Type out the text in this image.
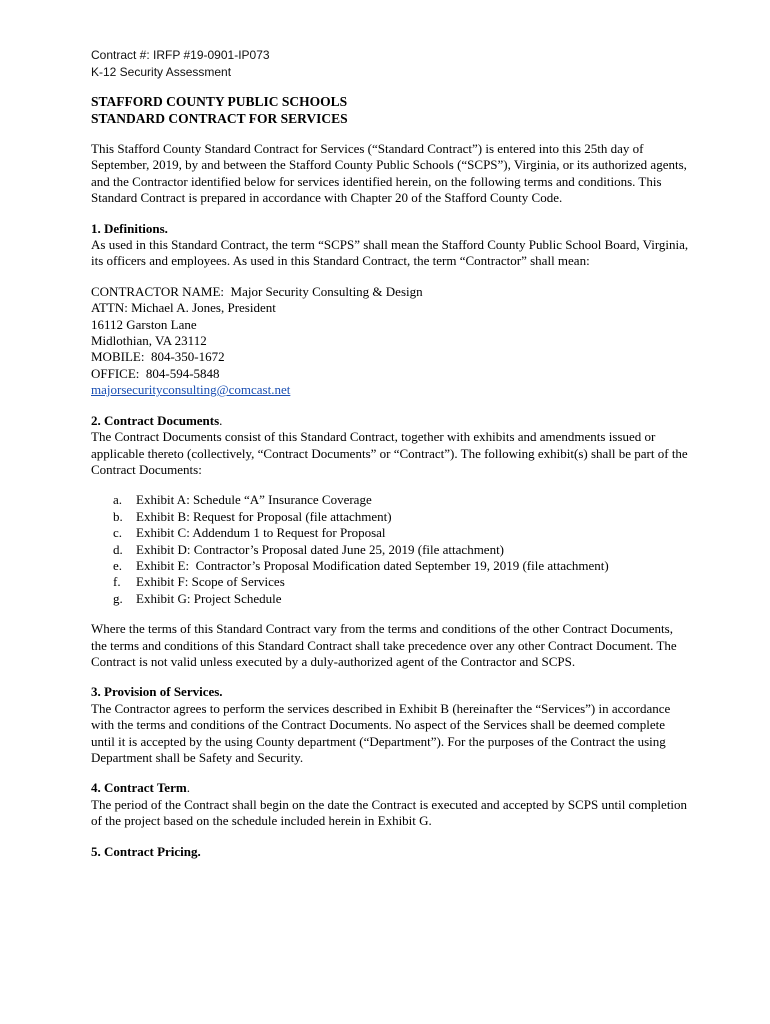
Contract #: IRFP #19-0901-IP073
K-12 Security Assessment
STAFFORD COUNTY PUBLIC SCHOOLS
STANDARD CONTRACT FOR SERVICES

This Stafford County Standard Contract for Services (“Standard Contract”) is entered into this 25th day of September, 2019, by and between the Stafford County Public Schools (“SCPS”), Virginia, or its authorized agents, and the Contractor identified below for services identified herein, on the following terms and conditions. This Standard Contract is prepared in accordance with Chapter 20 of the Stafford County Code.

1. Definitions.

As used in this Standard Contract, the term “SCPS” shall mean the Stafford County Public School Board, Virginia, its officers and employees. As used in this Standard Contract, the term “Contractor” shall mean:

CONTRACTOR NAME:  Major Security Consulting & Design
ATTN: Michael A. Jones, President
16112 Garston Lane
Midlothian, VA 23112
MOBILE:  804-350-1672
OFFICE:  804-594-5848
majorsecurityconsulting@comcast.net
2. Contract Documents.

The Contract Documents consist of this Standard Contract, together with exhibits and amendments issued or applicable thereto (collectively, “Contract Documents” or “Contract”). The following exhibit(s) shall be part of the Contract Documents:

a.	Exhibit A: Schedule “A” Insurance Coverage
b.	Exhibit B: Request for Proposal (file attachment)
c.	Exhibit C: Addendum 1 to Request for Proposal
d.	Exhibit D: Contractor’s Proposal dated June 25, 2019 (file attachment)
e.	Exhibit E:  Contractor’s Proposal Modification dated September 19, 2019 (file attachment)
f.	Exhibit F: Scope of Services
g.	Exhibit G: Project Schedule

Where the terms of this Standard Contract vary from the terms and conditions of the other Contract Documents, the terms and conditions of this Standard Contract shall take precedence over any other Contract Document. The Contract is not valid unless executed by a duly-authorized agent of the Contractor and SCPS.

3. Provision of Services.

The Contractor agrees to perform the services described in Exhibit B (hereinafter the “Services”) in accordance with the terms and conditions of the Contract Documents. No aspect of the Services shall be deemed complete until it is accepted by the using County department (“Department”). For the purposes of the Contract the using Department shall be Safety and Security.

4. Contract Term.

The period of the Contract shall begin on the date the Contract is executed and accepted by SCPS until completion of the project based on the schedule included herein in Exhibit G.

5. Contract Pricing.
